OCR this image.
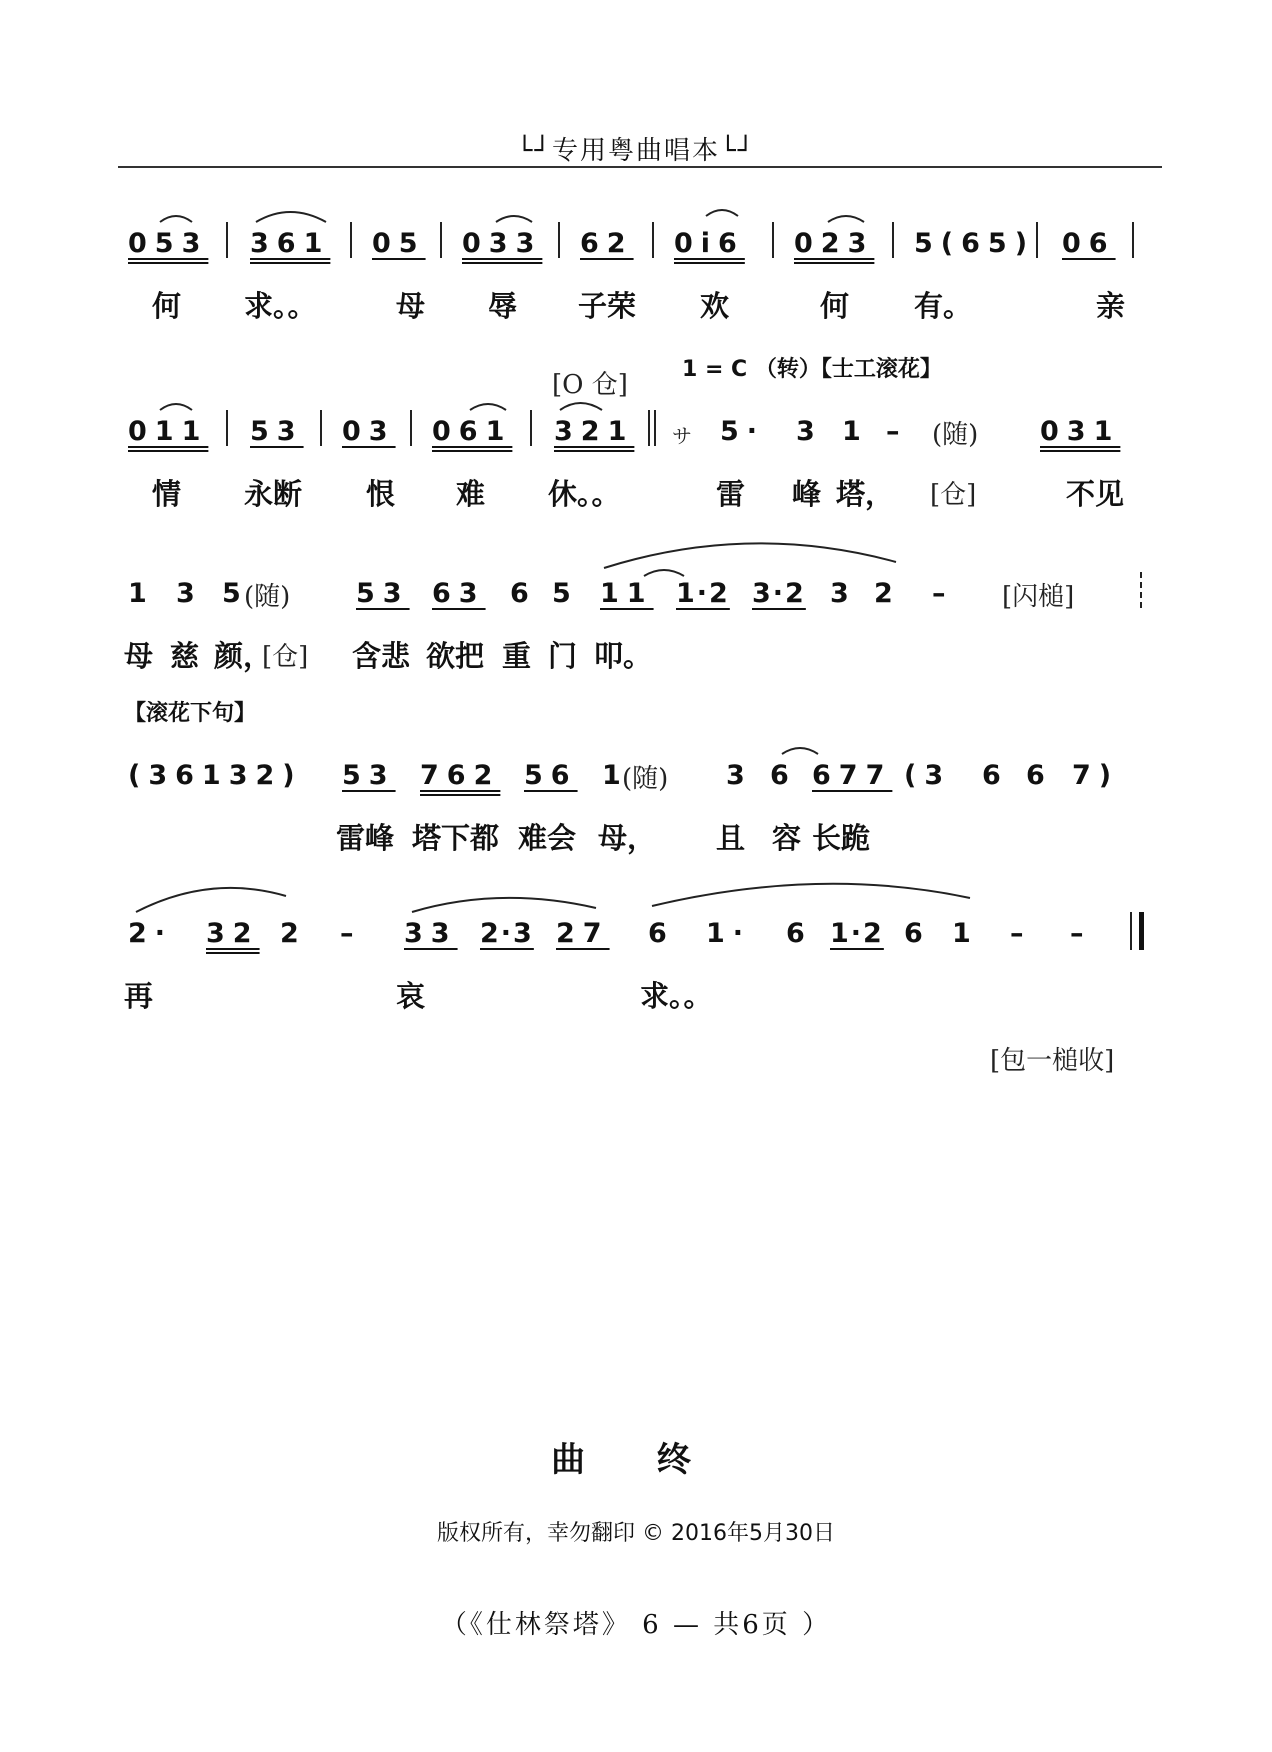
└┘专用粤曲唱本└┘
053 361 05 033 62 0i6 023 5(65) 06
何 求。。	母 辱 子荣 欢	何 有。	亲
[O 仓]
1 = C （转）【士工滚花】
011 53 03 061 321 サ 5· 3 1 – (随) 031
情 永断 恨 难 休。。	雷 峰 塔， [仓]	不见
1 3 5
(随) 53 63 6 5 11 1·2 3·2 3 2 – [闪槌]
母 慈 颜，
[仓] 含悲 欲把 重 门 叩。
【滚花下句】
(36132) 53 762 56 1
(随) 3 6 677 (3 6 6 7)
雷峰 塔下都 难会 母， 且 容 长跪
2· 32 2 – 33 2·3 27 6 1· 6 1·2 6 1 – –
再	哀	求。。
[包一槌收]
曲 终
版权所有，幸勿翻印 © 2016年5月30日
（《仕林祭塔》 6 — 共6页 ）
